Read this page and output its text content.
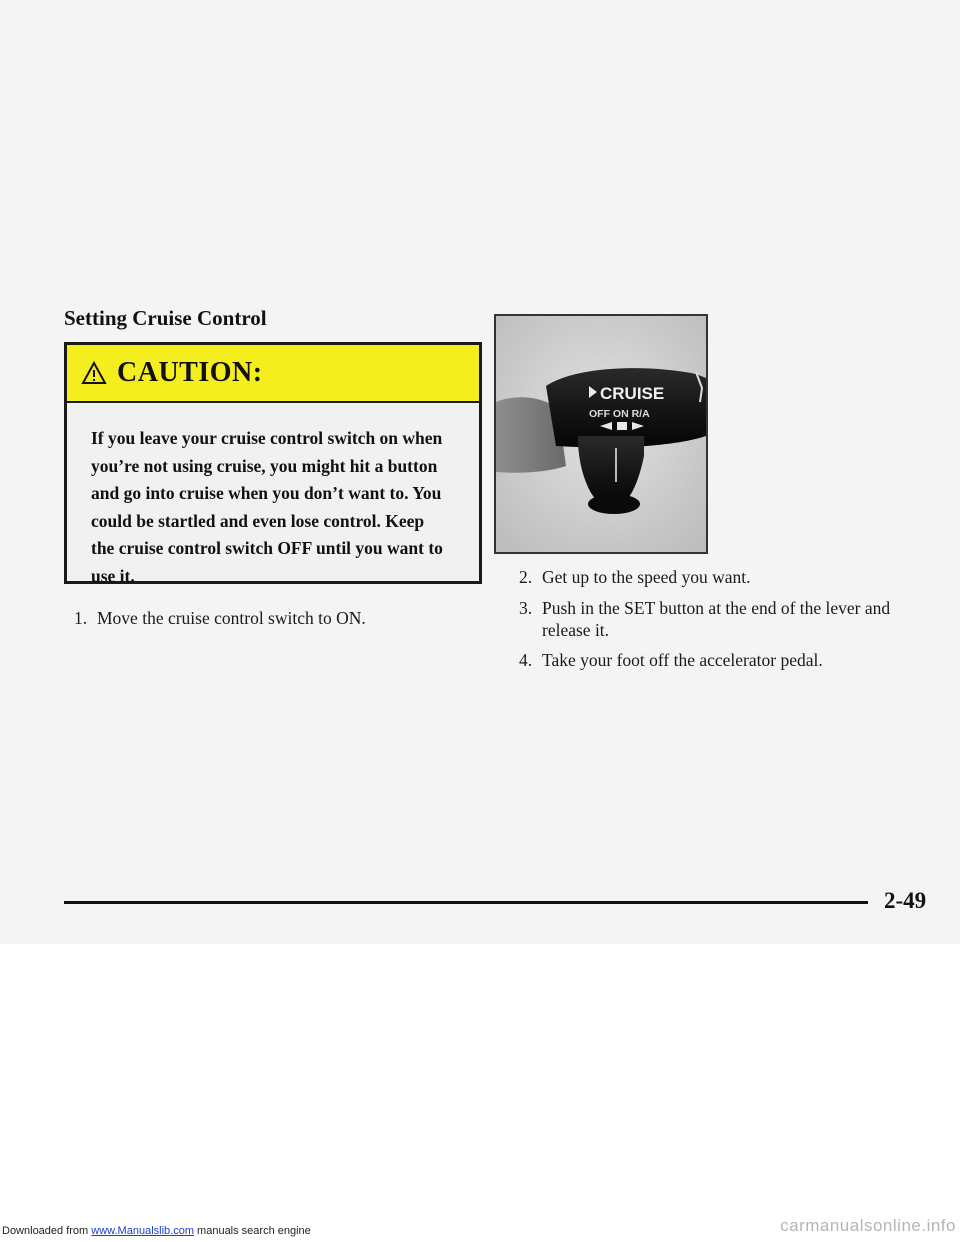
Setting Cruise Control
CAUTION:
If you leave your cruise control switch on when you’re not using cruise, you might hit a button and go into cruise when you don’t want to. You could be startled and even lose control. Keep the cruise control switch OFF until you want to use it.
1. Move the cruise control switch to ON.
CRUISE
OFF ON R/A
2. Get up to the speed you want.
3. Push in the SET button at the end of the lever and release it.
4. Take your foot off the accelerator pedal.
2-49
Downloaded from www.Manualslib.com manuals search engine	carmanualsonline.info
